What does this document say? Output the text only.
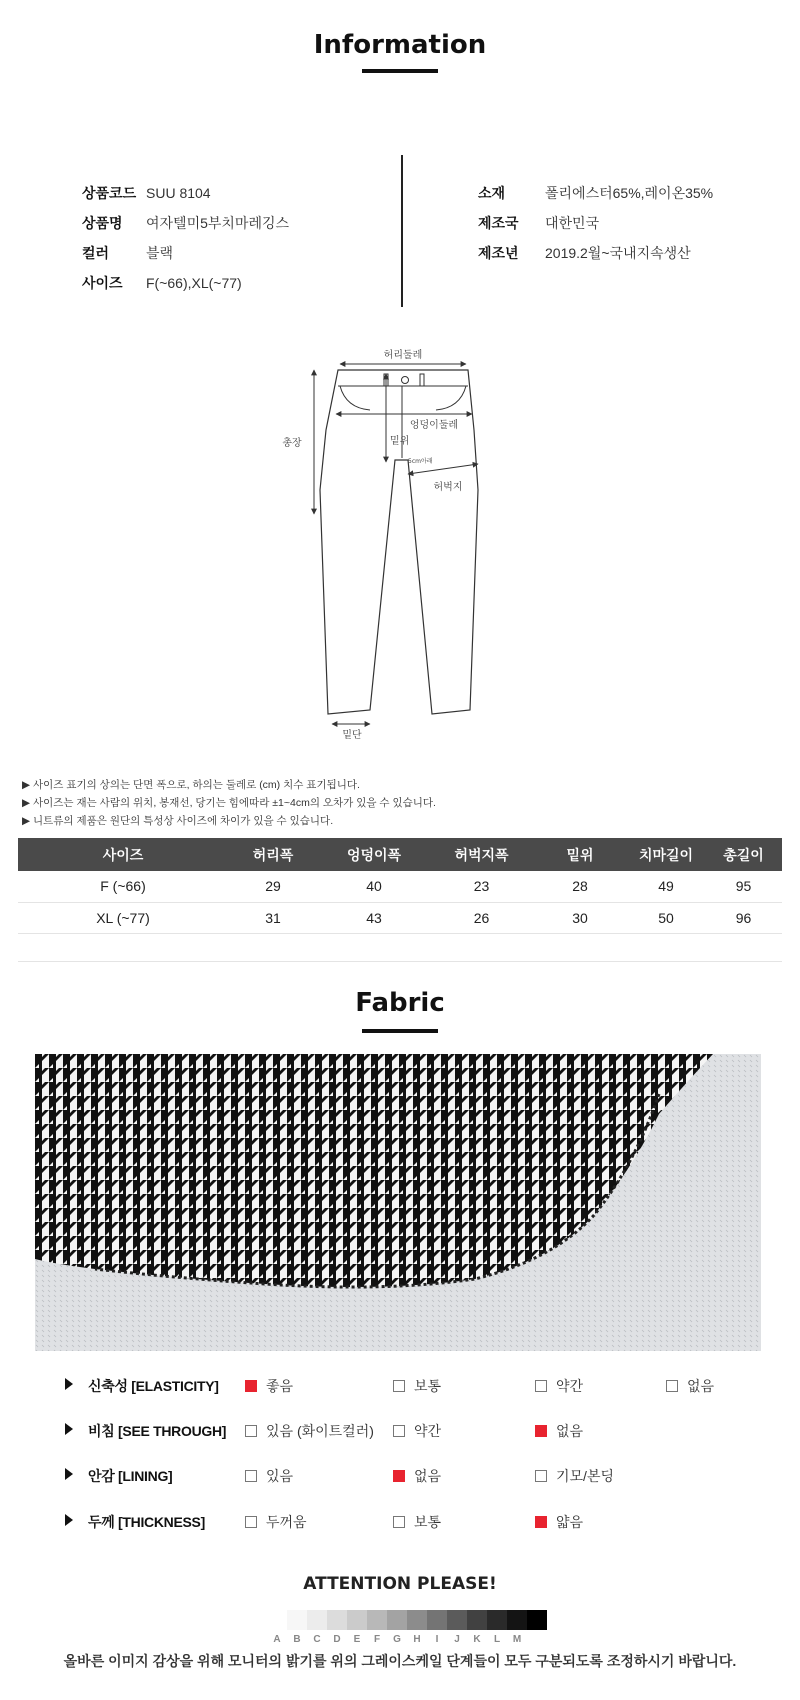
Information
상품코드 SUU 8104
상품명	여자텔미5부치마레깅스
컬러	블랙
사이즈	F(~66),XL(~77)
소재	폴리에스터65%,레이온35%
제조국	대한민국
제조년	2019.2월~국내지속생산
허리둘레
총장	밑위
엉덩이둘레
5cm아래
허벅지
밑단
▶ 사이즈 표기의 상의는 단면 폭으로, 하의는 둘레로 (cm) 치수 표기됩니다.
▶ 사이즈는 재는 사람의 위치, 봉재선, 당기는 힘에따라 ±1~4cm의 오차가 있을 수 있습니다.
▶ 니트류의 제품은 원단의 특성상 사이즈에 차이가 있을 수 있습니다.
사이즈	허리폭	엉덩이폭	허벅지폭	밑위	치마길이	총길이
F (~66)	29	40	23	28	49	95
XL (~77)	31	43	26	30	50	96
Fabric
신축성 [ELASTICITY]	좋음	보통	약간	없음
비침 [SEE THROUGH]	있음 (화이트컬러)	약간	없음
안감 [LINING]	있음	없음	기모/본딩
두께 [THICKNESS]	두꺼움	보통	얇음
ATTENTION PLEASE!
A	B	C	D	E	F	G	H	I	J	K	L	M
올바른 이미지 감상을 위해 모니터의 밝기를 위의 그레이스케일 단계들이 모두 구분되도록 조정하시기 바랍니다.
